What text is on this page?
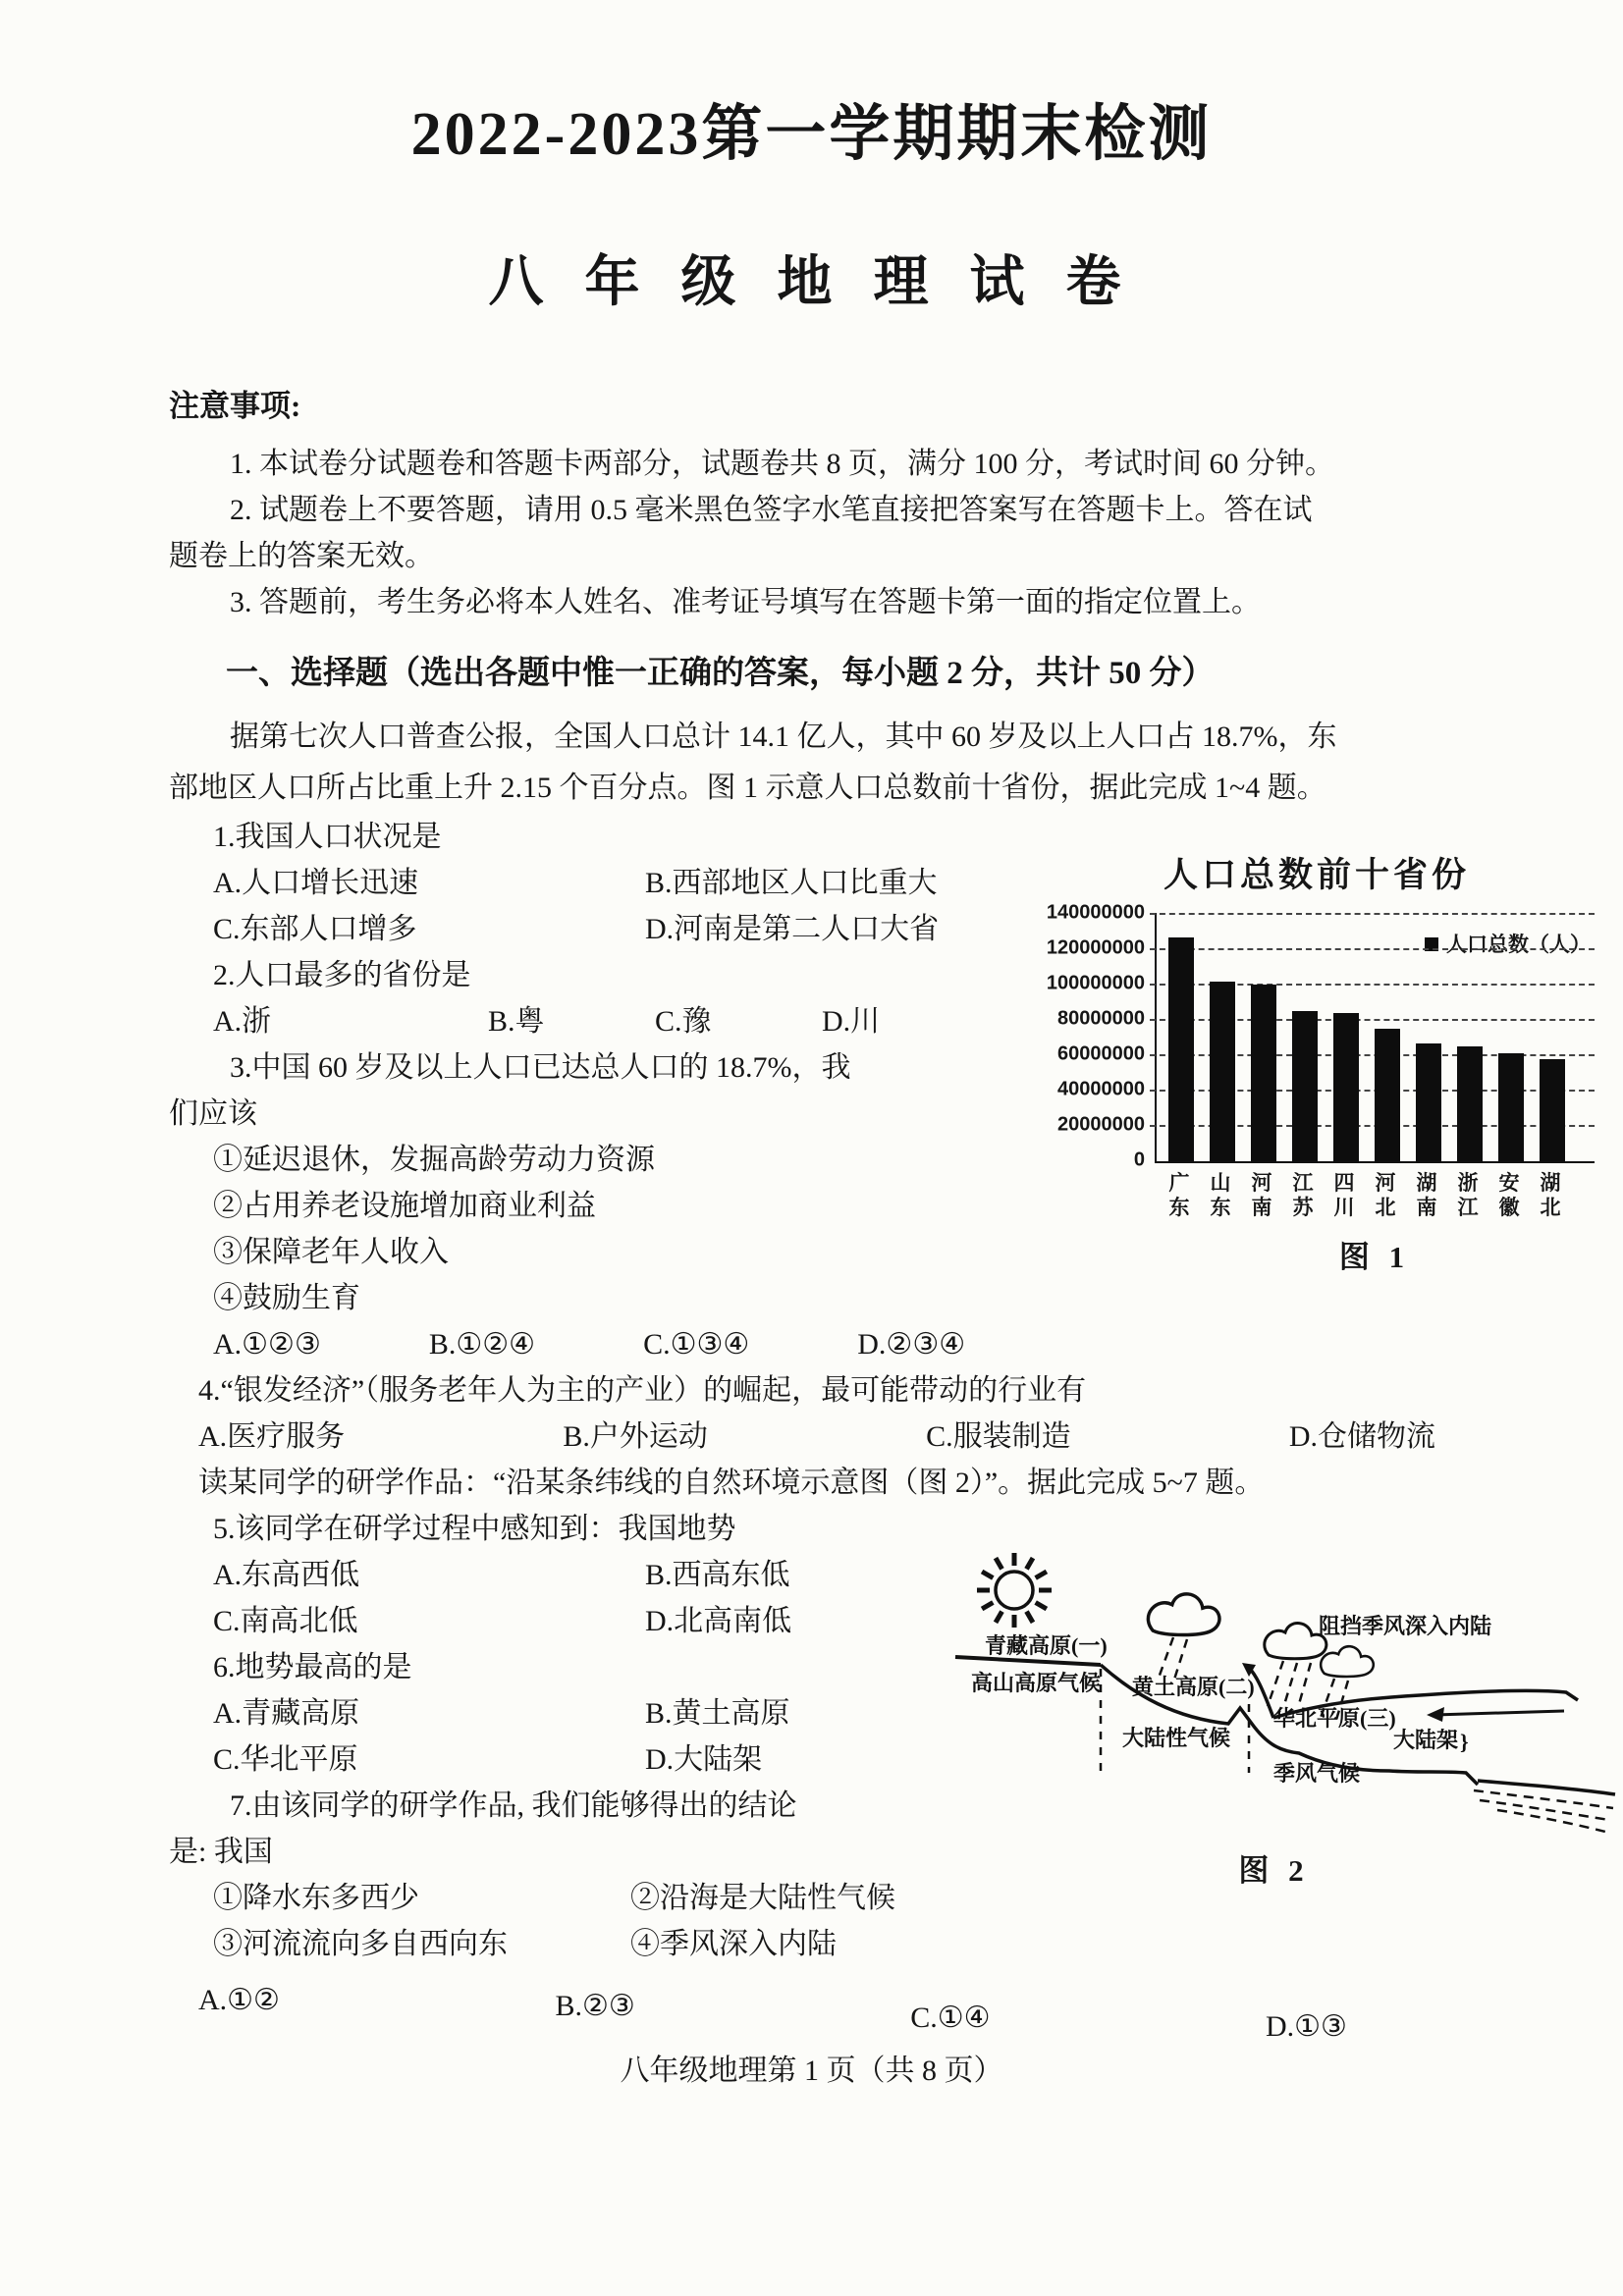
2022-2023第一学期期末检测
八 年 级 地 理 试 卷
注意事项:
1. 本试卷分试题卷和答题卡两部分，试题卷共 8 页，满分 100 分，考试时间 60 分钟。
2. 试题卷上不要答题，请用 0.5 毫米黑色签字水笔直接把答案写在答题卡上。答在试
题卷上的答案无效。
3. 答题前，考生务必将本人姓名、准考证号填写在答题卡第一面的指定位置上。
一、选择题（选出各题中惟一正确的答案，每小题 2 分，共计 50 分）
据第七次人口普查公报，全国人口总计 14.1 亿人，其中 60 岁及以上人口占 18.7%，东
部地区人口所占比重上升 2.15 个百分点。图 1 示意人口总数前十省份，据此完成 1~4 题。
1.我国人口状况是
A.人口增长迅速	B.西部地区人口比重大
C.东部人口增多	D.河南是第二人口大省
2.人口最多的省份是
A.浙	B.粤	C.豫	D.川
3.中国 60 岁及以上人口已达总人口的 18.7%，我
们应该
①延迟退休，发掘高龄劳动力资源
②占用养老设施增加商业利益
③保障老年人收入
④鼓励生育
A.①②③	B.①②④	C.①③④	D.②③④
4.“银发经济”（服务老年人为主的产业）的崛起，最可能带动的行业有
A.医疗服务	B.户外运动	C.服装制造	D.仓储物流
读某同学的研学作品：“沿某条纬线的自然环境示意图（图 2）”。据此完成 5~7 题。
5.该同学在研学过程中感知到：我国地势
A.东高西低	B.西高东低
C.南高北低	D.北高南低
6.地势最高的是
A.青藏高原	B.黄土高原
C.华北平原	D.大陆架
7.由该同学的研学作品, 我们能够得出的结论
是: 我国
①降水东多西少	②沿海是大陆性气候
③河流流向多自西向东	④季风深入内陆
A.①②	B.②③	C.①④	D.①③
人口总数前十省份
140000000
120000000
100000000
80000000
60000000
40000000
20000000
0
人口总数（人）
广东
山东
河南
江苏
四川
河北
湖南
浙江
安徽
湖北
图 1
青藏高原(一)
高山高原气候 黄土高原(二)
大陆性气候
华北平原(三)
季风气候
大陆架 }
阻挡季风深入内陆
图 2
八年级地理第 1 页（共 8 页）
